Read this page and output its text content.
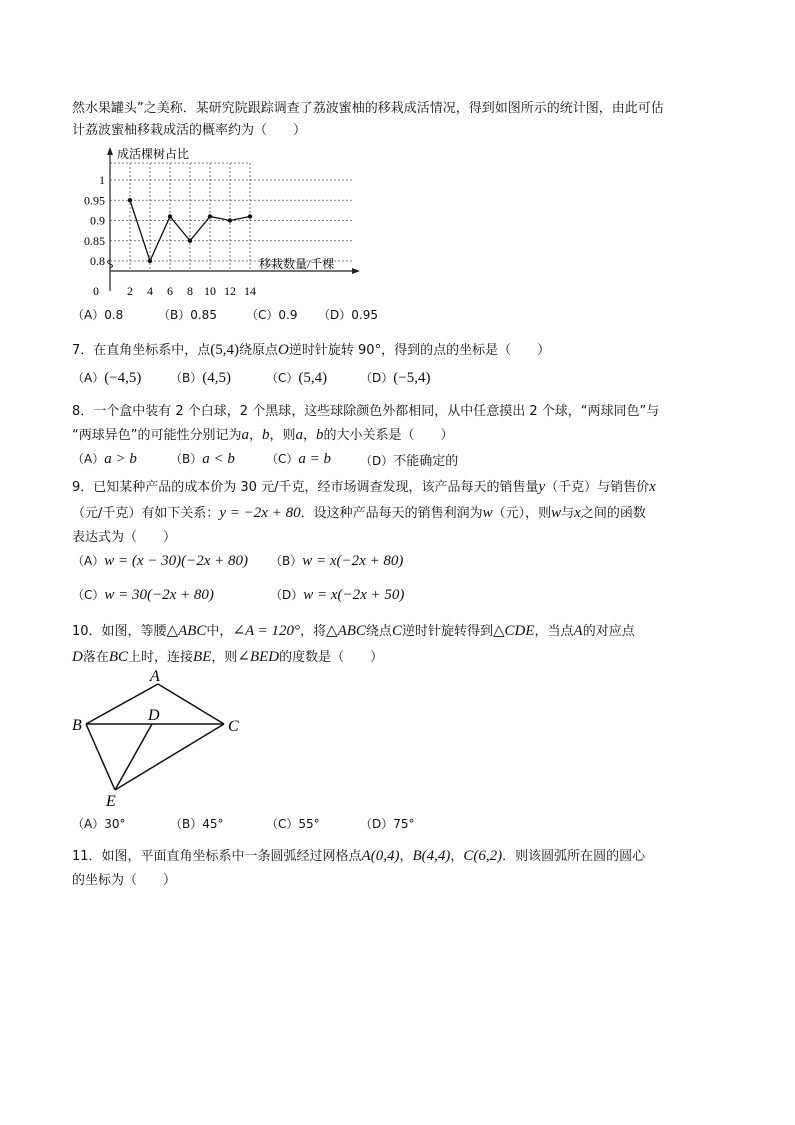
然水果罐头”之美称．某研究院跟踪调查了荔波蜜柚的移栽成活情况，得到如图所示的统计图，由此可估
计荔波蜜柚移栽成活的概率约为（　　）
成活棵树占比
移栽数量/千棵
0.8
0.85
0.9
0.95
1
0 2 4 6 8 10 12 14
（A）0.8	（B）0.85 （C）0.9 （D）0.95
7．在直角坐标系中，点(5,4)绕原点O逆时针旋转 90°，得到的点的坐标是（　　）
（A）(−4,5) （B）(4,5)	（C）(5,4)	（D）(−5,4)
8．一个盒中装有 2 个白球，2 个黑球，这些球除颜色外都相同，从中任意摸出 2 个球，“两球同色”与
“两球异色”的可能性分别记为a，b，则a，b的大小关系是（　　）
（A）a > b	（B）a < b	（C）a = b （D）不能确定的
9．已知某种产品的成本价为 30 元/千克，经市场调查发现，该产品每天的销售量y（千克）与销售价x
（元/千克）有如下关系：y = −2x + 80．设这种产品每天的销售利润为w（元），则w与x之间的函数
表达式为（　　）
（A）w = (x − 30)(−2x + 80) （B）w = x(−2x + 80)
（C）w = 30(−2x + 80)	（D）w = x(−2x + 50)
10．如图，等腰△ABC中，∠A = 120°，将△ABC绕点C逆时针旋转得到△CDE，当点A的对应点
D落在BC上时，连接BE，则∠BED的度数是（　　）
A
B	C
D
E
（A）30°	（B）45°	（C）55°	（D）75°
11．如图，平面直角坐标系中一条圆弧经过网格点A(0,4)，B(4,4)，C(6,2)．则该圆弧所在圆的圆心
的坐标为（　　）
